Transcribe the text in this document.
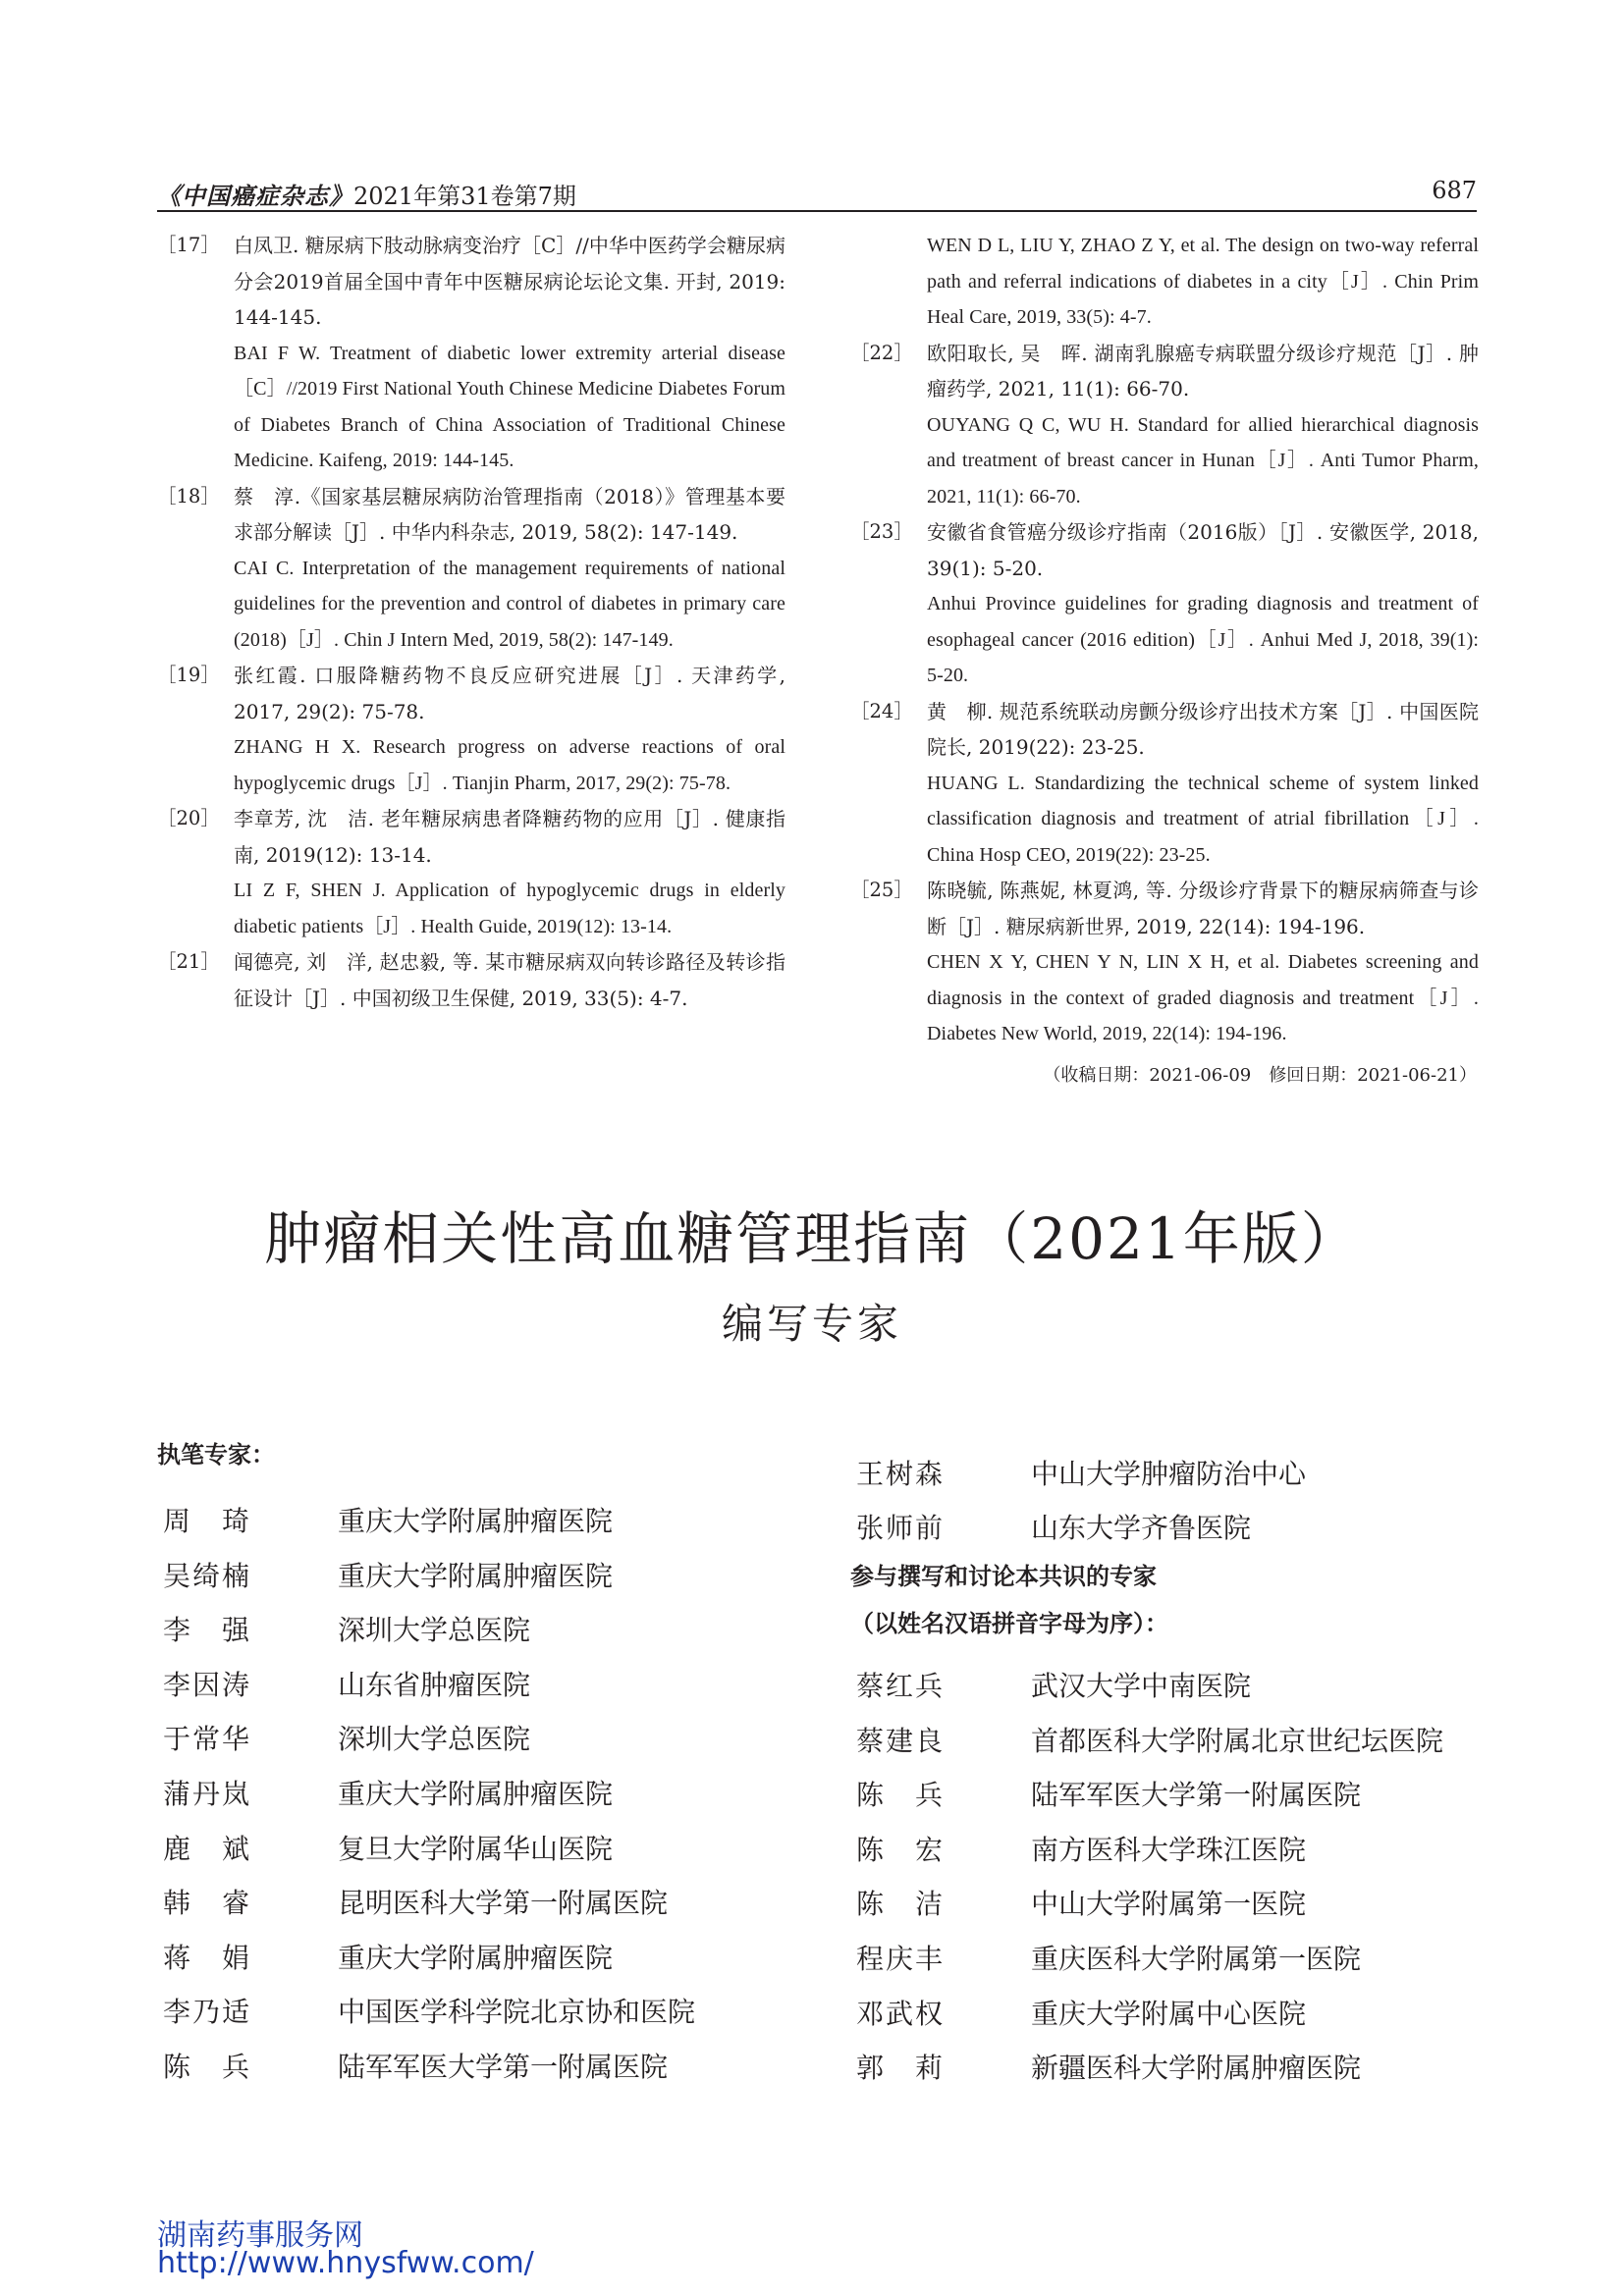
《中国癌症杂志》2021年第31卷第7期	687
［17］ 白凤卫. 糖尿病下肢动脉病变治疗［C］//中华中医药学会糖尿病分会2019首届全国中青年中医糖尿病论坛论文集. 开封, 2019: 144-145.

BAI F W. Treatment of diabetic lower extremity arterial disease［C］//2019 First National Youth Chinese Medicine Diabetes Forum of Diabetes Branch of China Association of Traditional Chinese Medicine. Kaifeng, 2019: 144-145.

［18］ 蔡　淳.《国家基层糖尿病防治管理指南（2018）》管理基本要求部分解读［J］. 中华内科杂志, 2019, 58(2): 147-149.

CAI C. Interpretation of the management requirements of national guidelines for the prevention and control of diabetes in primary care (2018)［J］. Chin J Intern Med, 2019, 58(2): 147-149.

［19］ 张红霞. 口服降糖药物不良反应研究进展［J］. 天津药学, 2017, 29(2): 75-78.

ZHANG H X. Research progress on adverse reactions of oral hypoglycemic drugs［J］. Tianjin Pharm, 2017, 29(2): 75-78.

［20］ 李章芳, 沈　洁. 老年糖尿病患者降糖药物的应用［J］. 健康指南, 2019(12): 13-14.

LI Z F, SHEN J. Application of hypoglycemic drugs in elderly diabetic patients［J］. Health Guide, 2019(12): 13-14.

［21］ 闻德亮, 刘　洋, 赵忠毅, 等. 某市糖尿病双向转诊路径及转诊指征设计［J］. 中国初级卫生保健, 2019, 33(5): 4-7.

WEN D L, LIU Y, ZHAO Z Y, et al. The design on two-way referral path and referral indications of diabetes in a city［J］. Chin Prim Heal Care, 2019, 33(5): 4-7.

［22］ 欧阳取长, 吴　晖. 湖南乳腺癌专病联盟分级诊疗规范［J］. 肿瘤药学, 2021, 11(1): 66-70.

OUYANG Q C, WU H. Standard for allied hierarchical diagnosis and treatment of breast cancer in Hunan［J］. Anti Tumor Pharm, 2021, 11(1): 66-70.

［23］ 安徽省食管癌分级诊疗指南（2016版）［J］. 安徽医学, 2018, 39(1): 5-20.

Anhui Province guidelines for grading diagnosis and treatment of esophageal cancer (2016 edition)［J］. Anhui Med J, 2018, 39(1): 5-20.

［24］ 黄　柳. 规范系统联动房颤分级诊疗出技术方案［J］. 中国医院院长, 2019(22): 23-25.

HUANG L. Standardizing the technical scheme of system linked classification diagnosis and treatment of atrial fibrillation［J］. China Hosp CEO, 2019(22): 23-25.

［25］ 陈晓毓, 陈燕妮, 林夏鸿, 等. 分级诊疗背景下的糖尿病筛查与诊断［J］. 糖尿病新世界, 2019, 22(14): 194-196.

CHEN X Y, CHEN Y N, LIN X H, et al. Diabetes screening and diagnosis in the context of graded diagnosis and treatment［J］. Diabetes New World, 2019, 22(14): 194-196.

（收稿日期：2021-06-09　修回日期：2021-06-21）
肿瘤相关性高血糖管理指南（2021年版）
编写专家
执笔专家：
周　琦	重庆大学附属肿瘤医院
吴绮楠	重庆大学附属肿瘤医院
李　强	深圳大学总医院
李因涛	山东省肿瘤医院
于常华	深圳大学总医院
蒲丹岚	重庆大学附属肿瘤医院
鹿　斌	复旦大学附属华山医院
韩　睿	昆明医科大学第一附属医院
蒋　娟	重庆大学附属肿瘤医院
李乃适	中国医学科学院北京协和医院
陈　兵	陆军军医大学第一附属医院
王树森	中山大学肿瘤防治中心
张师前	山东大学齐鲁医院
参与撰写和讨论本共识的专家
（以姓名汉语拼音字母为序）：
蔡红兵	武汉大学中南医院
蔡建良	首都医科大学附属北京世纪坛医院
陈　兵	陆军军医大学第一附属医院
陈　宏	南方医科大学珠江医院
陈　洁	中山大学附属第一医院
程庆丰	重庆医科大学附属第一医院
邓武权	重庆大学附属中心医院
郭　莉	新疆医科大学附属肿瘤医院
湖南药事服务网
http://www.hnysfww.com/
